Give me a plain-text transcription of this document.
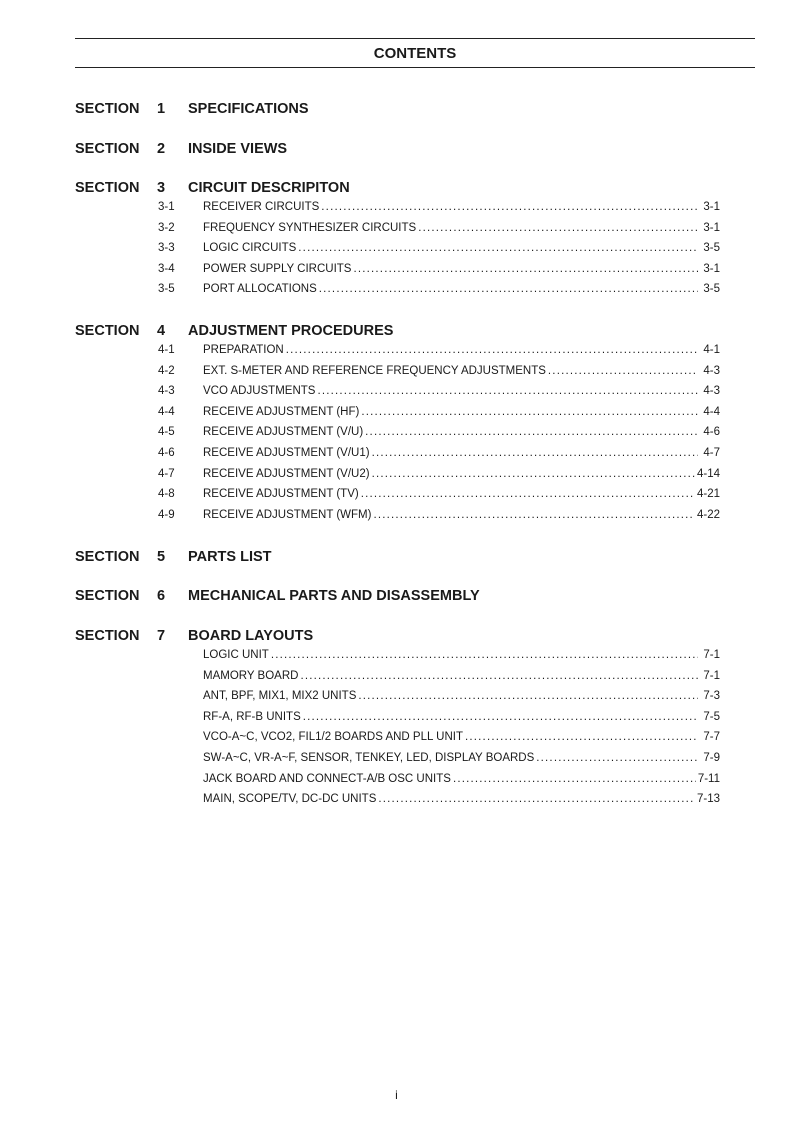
CONTENTS
SECTION 1 SPECIFICATIONS
SECTION 2 INSIDE VIEWS
SECTION 3 CIRCUIT DESCRIPITON
3-1 RECEIVER CIRCUITS . . .	3-1
3-2 FREQUENCY SYNTHESIZER CIRCUITS . . .	3-1
3-3 LOGIC CIRCUITS . . .	3-5
3-4 POWER SUPPLY CIRCUITS . . .	3-1
3-5 PORT ALLOCATIONS . . .	3-5
SECTION 4 ADJUSTMENT PROCEDURES
4-1 PREPARATION . . .	4-1
4-2 EXT. S-METER AND REFERENCE FREQUENCY ADJUSTMENTS . . .	4-3
4-3 VCO ADJUSTMENTS . . .	4-3
4-4 RECEIVE ADJUSTMENT (HF) . . .	4-4
4-5 RECEIVE ADJUSTMENT (V/U) . . .	4-6
4-6 RECEIVE ADJUSTMENT (V/U1) . . .	4-7
4-7 RECEIVE ADJUSTMENT (V/U2) . . .	4-14
4-8 RECEIVE ADJUSTMENT (TV) . . .	4-21
4-9 RECEIVE ADJUSTMENT (WFM) . . .	4-22
SECTION 5 PARTS LIST
SECTION 6 MECHANICAL PARTS AND DISASSEMBLY
SECTION 7 BOARD LAYOUTS
LOGIC UNIT . . .	7-1
MAMORY BOARD . . .	7-1
ANT, BPF, MIX1, MIX2 UNITS . . .	7-3
RF-A, RF-B UNITS . . .	7-5
VCO-A~C, VCO2, FIL1/2 BOARDS AND PLL UNIT . . .	7-7
SW-A~C, VR-A~F, SENSOR, TENKEY, LED, DISPLAY BOARDS . . .	7-9
JACK BOARD AND CONNECT-A/B OSC UNITS . . .	7-11
MAIN, SCOPE/TV, DC-DC UNITS . . .	7-13
i
